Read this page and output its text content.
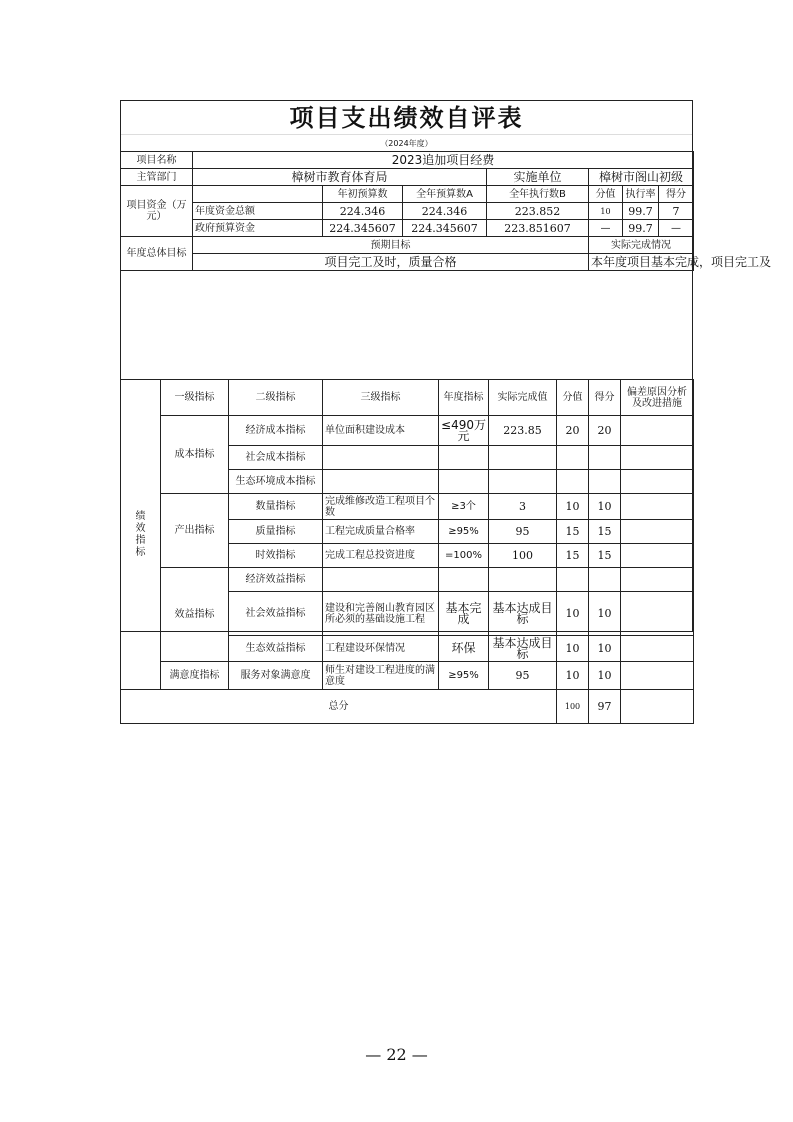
项目支出绩效自评表
（2024年度）
项目名称	2023追加项目经费						
主管部门	樟树市教育体育局			实施单位	樟树市阁山初级		
项目资金（万元）		年初预算数	全年预算数A	全年执行数B	分值	执行率	得分
	年度资金总额	224.346	224.346	223.852	10	99.7	7
	政府预算资金	224.345607	224.345607	223.851607	—	99.7	—
年度总体目标	预期目标				实际完成情况		
	项目完工及时，质量合格				本年度项目基本完成，项目完工及		
绩效指标	一级指标	二级指标	三级指标	年度指标	实际完成值	分值	得分	偏差原因分析及改进措施
	成本指标	经济成本指标	单位面积建设成本	≤490万元	223.85	20	20	
		社会成本指标						
		生态环境成本指标						
	产出指标	数量指标	完成维修改造工程项目个数	≥3个	3	10	10	
		质量指标	工程完成质量合格率	≥95%	95	15	15	
		时效指标	完成工程总投资进度	=100%	100	15	15	
	效益指标	经济效益指标						
		社会效益指标	建设和完善阁山教育园区所必须的基础设施工程	基本完成	基本达成目标	10	10	
		生态效益指标	工程建设环保情况	环保	基本达成目标	10	10	
	满意度指标	服务对象满意度	师生对建设工程进度的满意度	≥95%	95	10	10	
总分						100	97	
— 22 —
